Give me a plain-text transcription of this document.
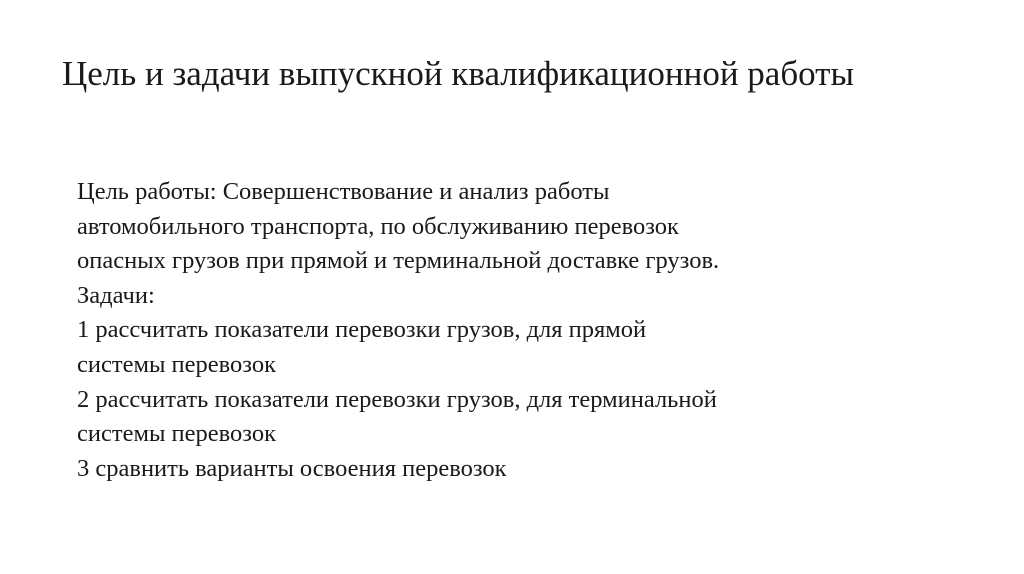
Цель и задачи выпускной квалификационной работы
Цель работы: Совершенствование и анализ работы
автомобильного транспорта, по обслуживанию перевозок
опасных грузов при прямой и терминальной доставке грузов.
Задачи:
1 рассчитать показатели перевозки грузов, для прямой
системы перевозок
2 рассчитать показатели перевозки грузов, для терминальной
системы перевозок
3 сравнить варианты освоения перевозок
